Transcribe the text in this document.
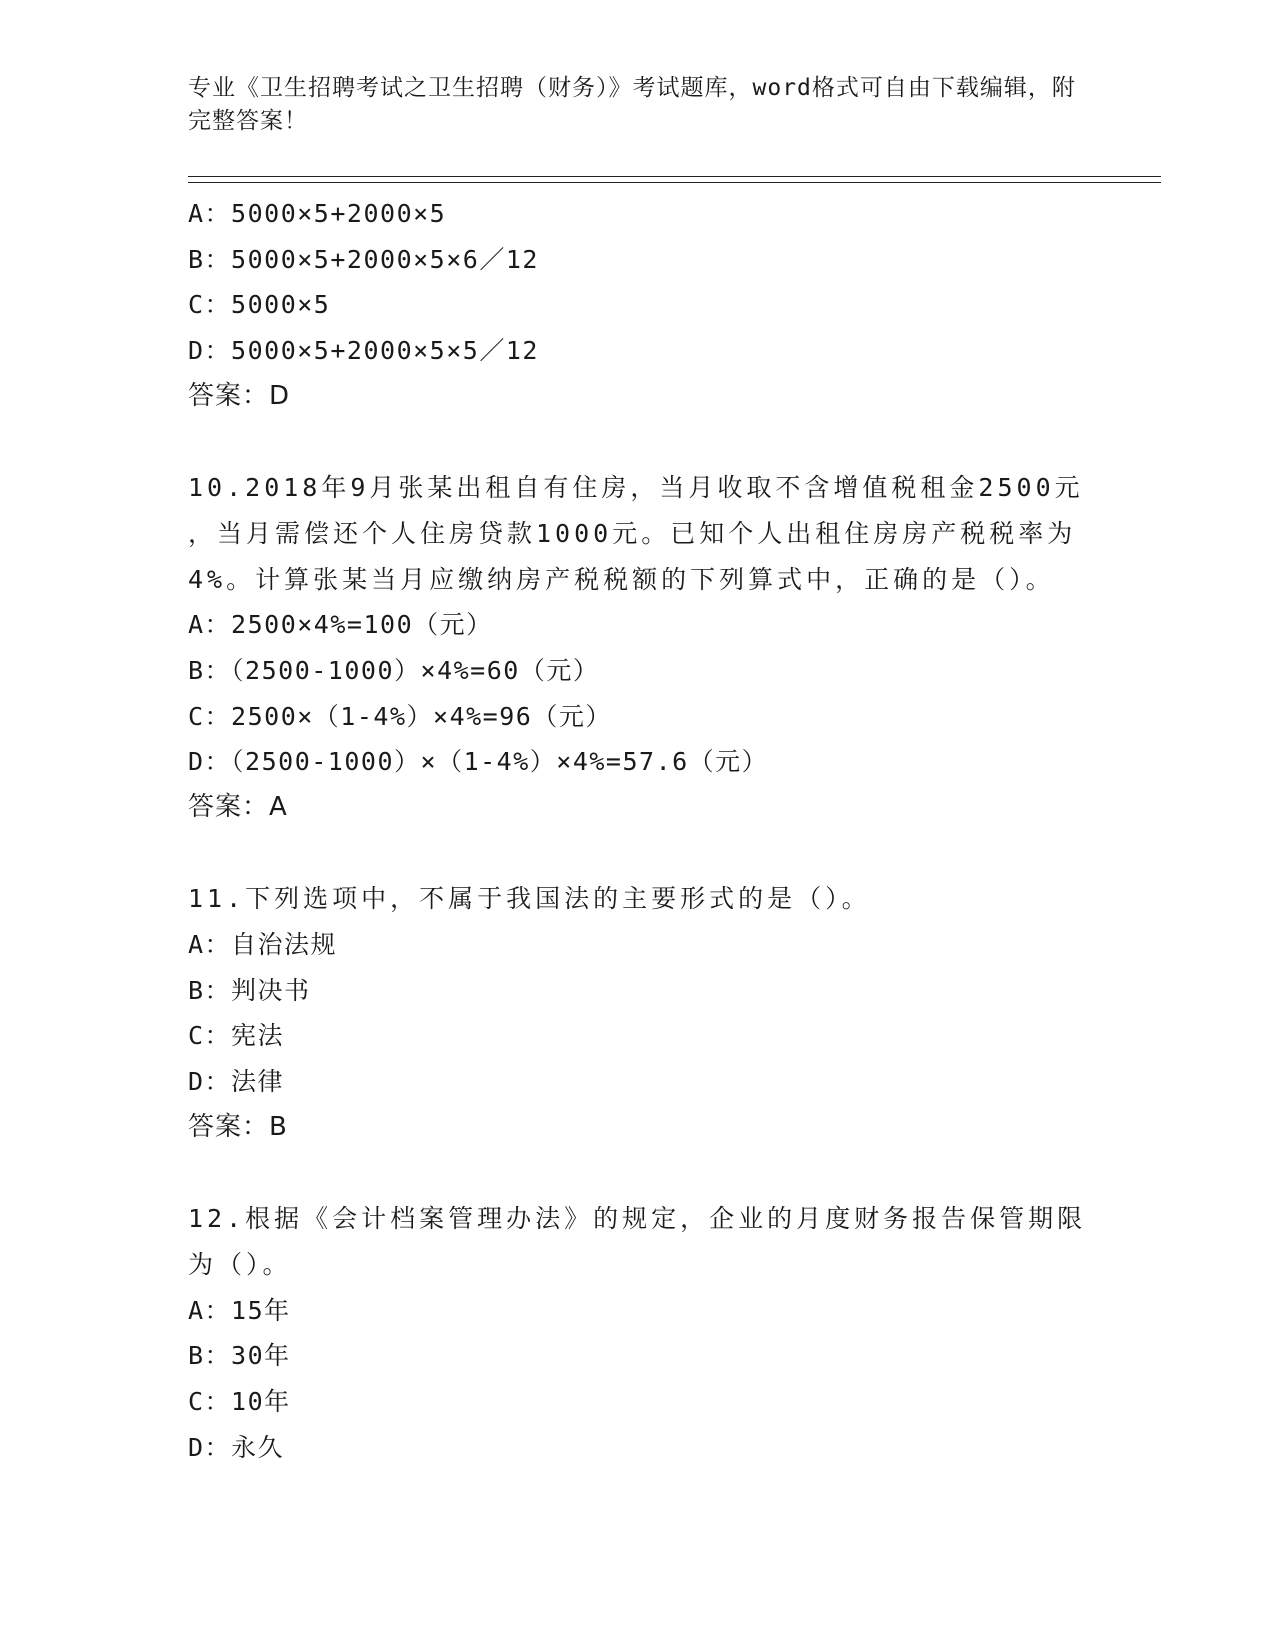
专业《卫生招聘考试之卫生招聘（财务）》考试题库，word格式可自由下载编辑，附完整答案！
A：5000×5+2000×5
B：5000×5+2000×5×6／12
C：5000×5
D：5000×5+2000×5×5／12
答案：D
10.2018年9月张某出租自有住房，当月收取不含增值税租金2500元
，当月需偿还个人住房贷款1000元。已知个人出租住房房产税税率为
4%。计算张某当月应缴纳房产税税额的下列算式中，正确的是（）。
A：2500×4%=100（元）
B：（2500-1000）×4%=60（元）
C：2500×（1-4%）×4%=96（元）
D：（2500-1000）×（1-4%）×4%=57.6（元）
答案：A
11.下列选项中，不属于我国法的主要形式的是（）。
A：自治法规
B：判决书
C：宪法
D：法律
答案：B
12.根据《会计档案管理办法》的规定，企业的月度财务报告保管期限
为（）。
A：15年
B：30年
C：10年
D：永久
